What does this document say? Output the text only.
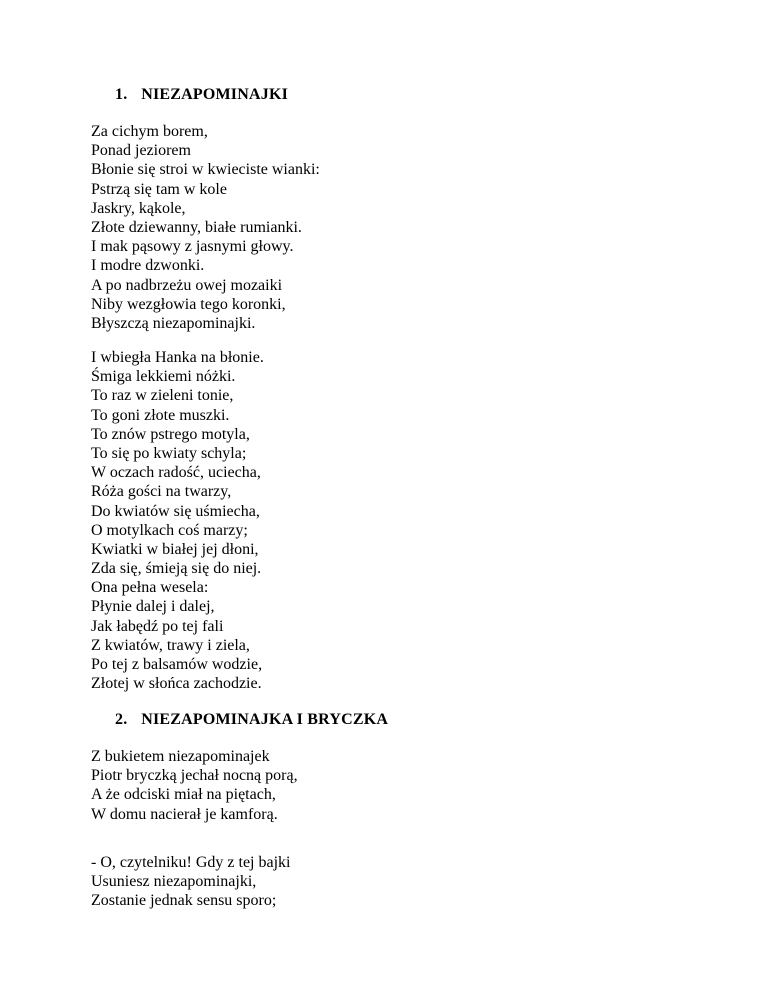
1. NIEZAPOMINAJKI
Za cichym borem,
Ponad jeziorem
Błonie się stroi w kwieciste wianki:
Pstrzą się tam w kole
Jaskry, kąkole,
Złote dziewanny, białe rumianki.
I mak pąsowy z jasnymi głowy.
I modre dzwonki.
A po nadbrzeżu owej mozaiki
Niby wezgłowia tego koronki,
Błyszczą niezapominajki.
I wbiegła Hanka na błonie.
Śmiga lekkiemi nóżki.
To raz w zieleni tonie,
To goni złote muszki.
To znów pstrego motyla,
To się po kwiaty schyla;
W oczach radość, uciecha,
Róża gości na twarzy,
Do kwiatów się uśmiecha,
O motylkach coś marzy;
Kwiatki w białej jej dłoni,
Zda się, śmieją się do niej.
Ona pełna wesela:
Płynie dalej i dalej,
Jak łabędź po tej fali
Z kwiatów, trawy i ziela,
Po tej z balsamów wodzie,
Złotej w słońca zachodzie.
2. NIEZAPOMINAJKA I BRYCZKA
Z bukietem niezapominajek
Piotr bryczką jechał nocną porą,
A że odciski miał na piętach,
W domu nacierał je kamforą.
- O, czytelniku! Gdy z tej bajki
Usuniesz niezapominajki,
Zostanie jednak sensu sporo;
